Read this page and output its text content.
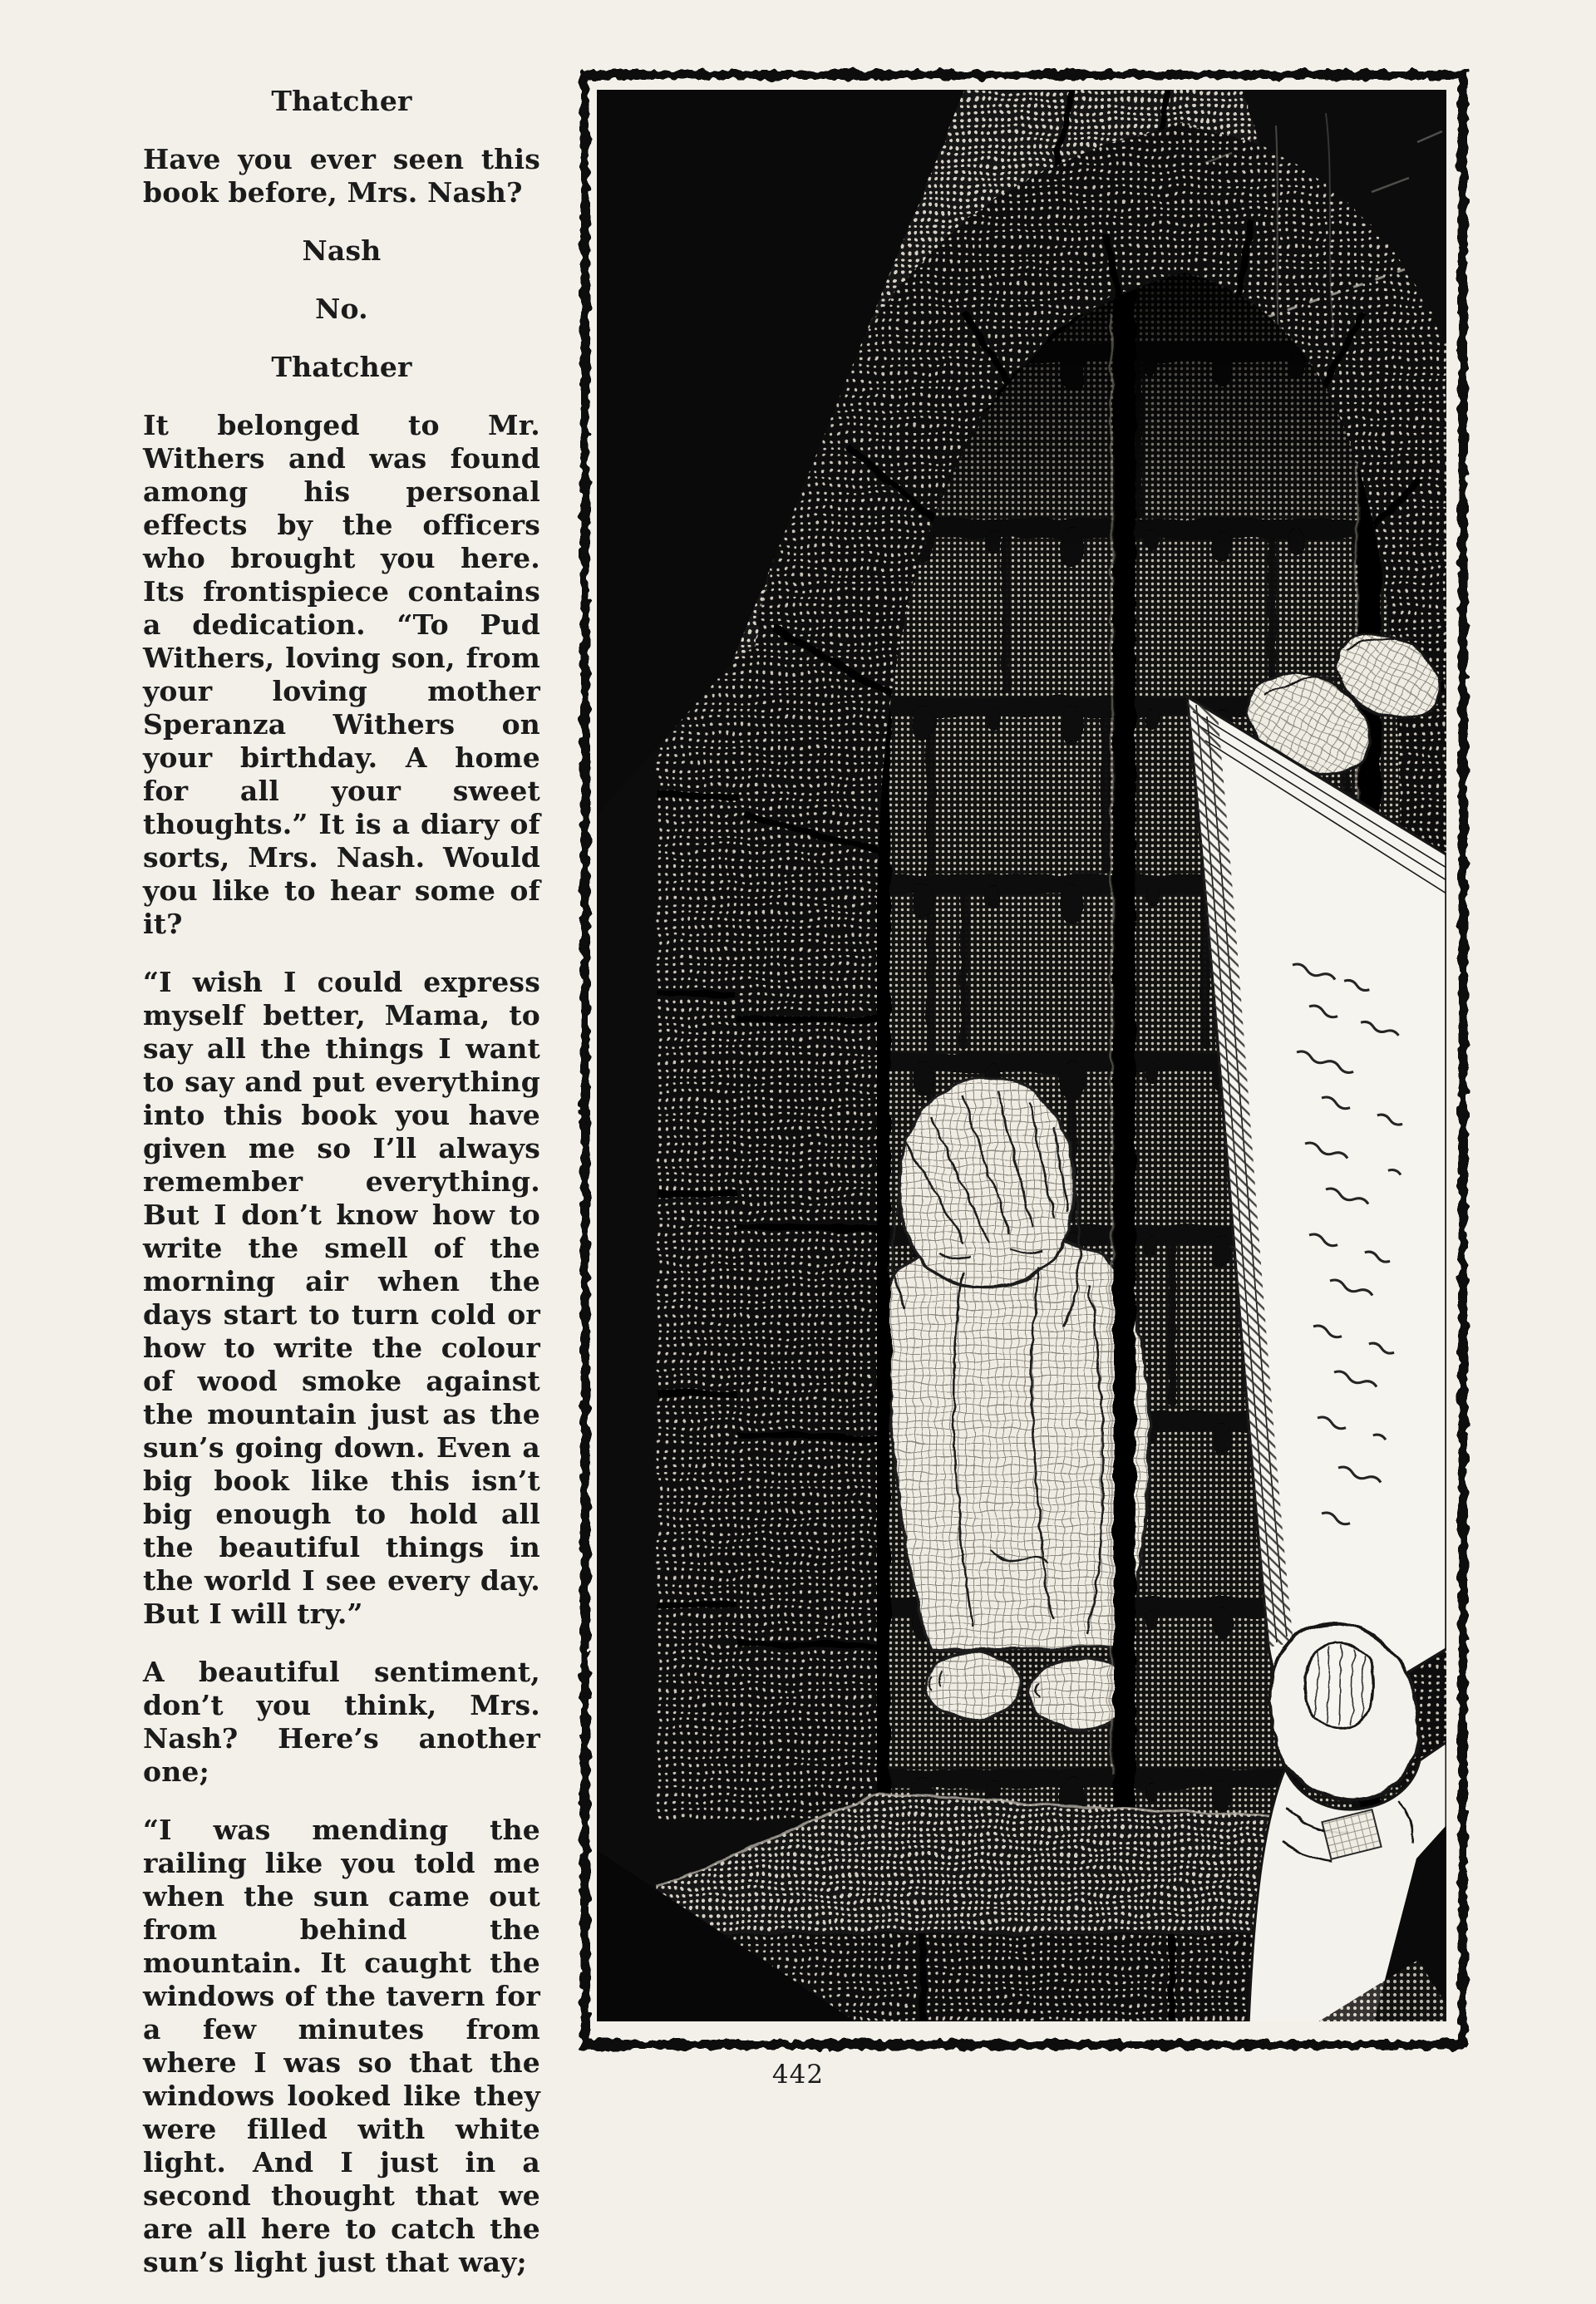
Thatcher
Have you ever seen this book before, Mrs. Nash?
Nash
No.
Thatcher
It belonged to Mr. Withers and was found among his personal effects by the officers who brought you here. Its frontispiece contains a dedication. “To Pud Withers, loving son, from your loving mother Speranza Withers on your birthday. A home for all your sweet thoughts.” It is a diary of sorts, Mrs. Nash. Would you like to hear some of it?
“I wish I could express myself better, Mama, to say all the things I want to say and put everything into this book you have given me so I’ll always remember everything. But I don’t know how to write the smell of the morning air when the days start to turn cold or how to write the colour of wood smoke against the mountain just as the sun’s going down. Even a big book like this isn’t big enough to hold all the beautiful things in the world I see every day. But I will try.”
A beautiful sentiment, don’t you think, Mrs. Nash? Here’s another one;
“I was mending the railing like you told me when the sun came out from behind the mountain. It caught the windows of the tavern for a few minutes from where I was so that the windows looked like they were filled with white light. And I just in a second thought that we are all here to catch the sun’s light just that way;
442
